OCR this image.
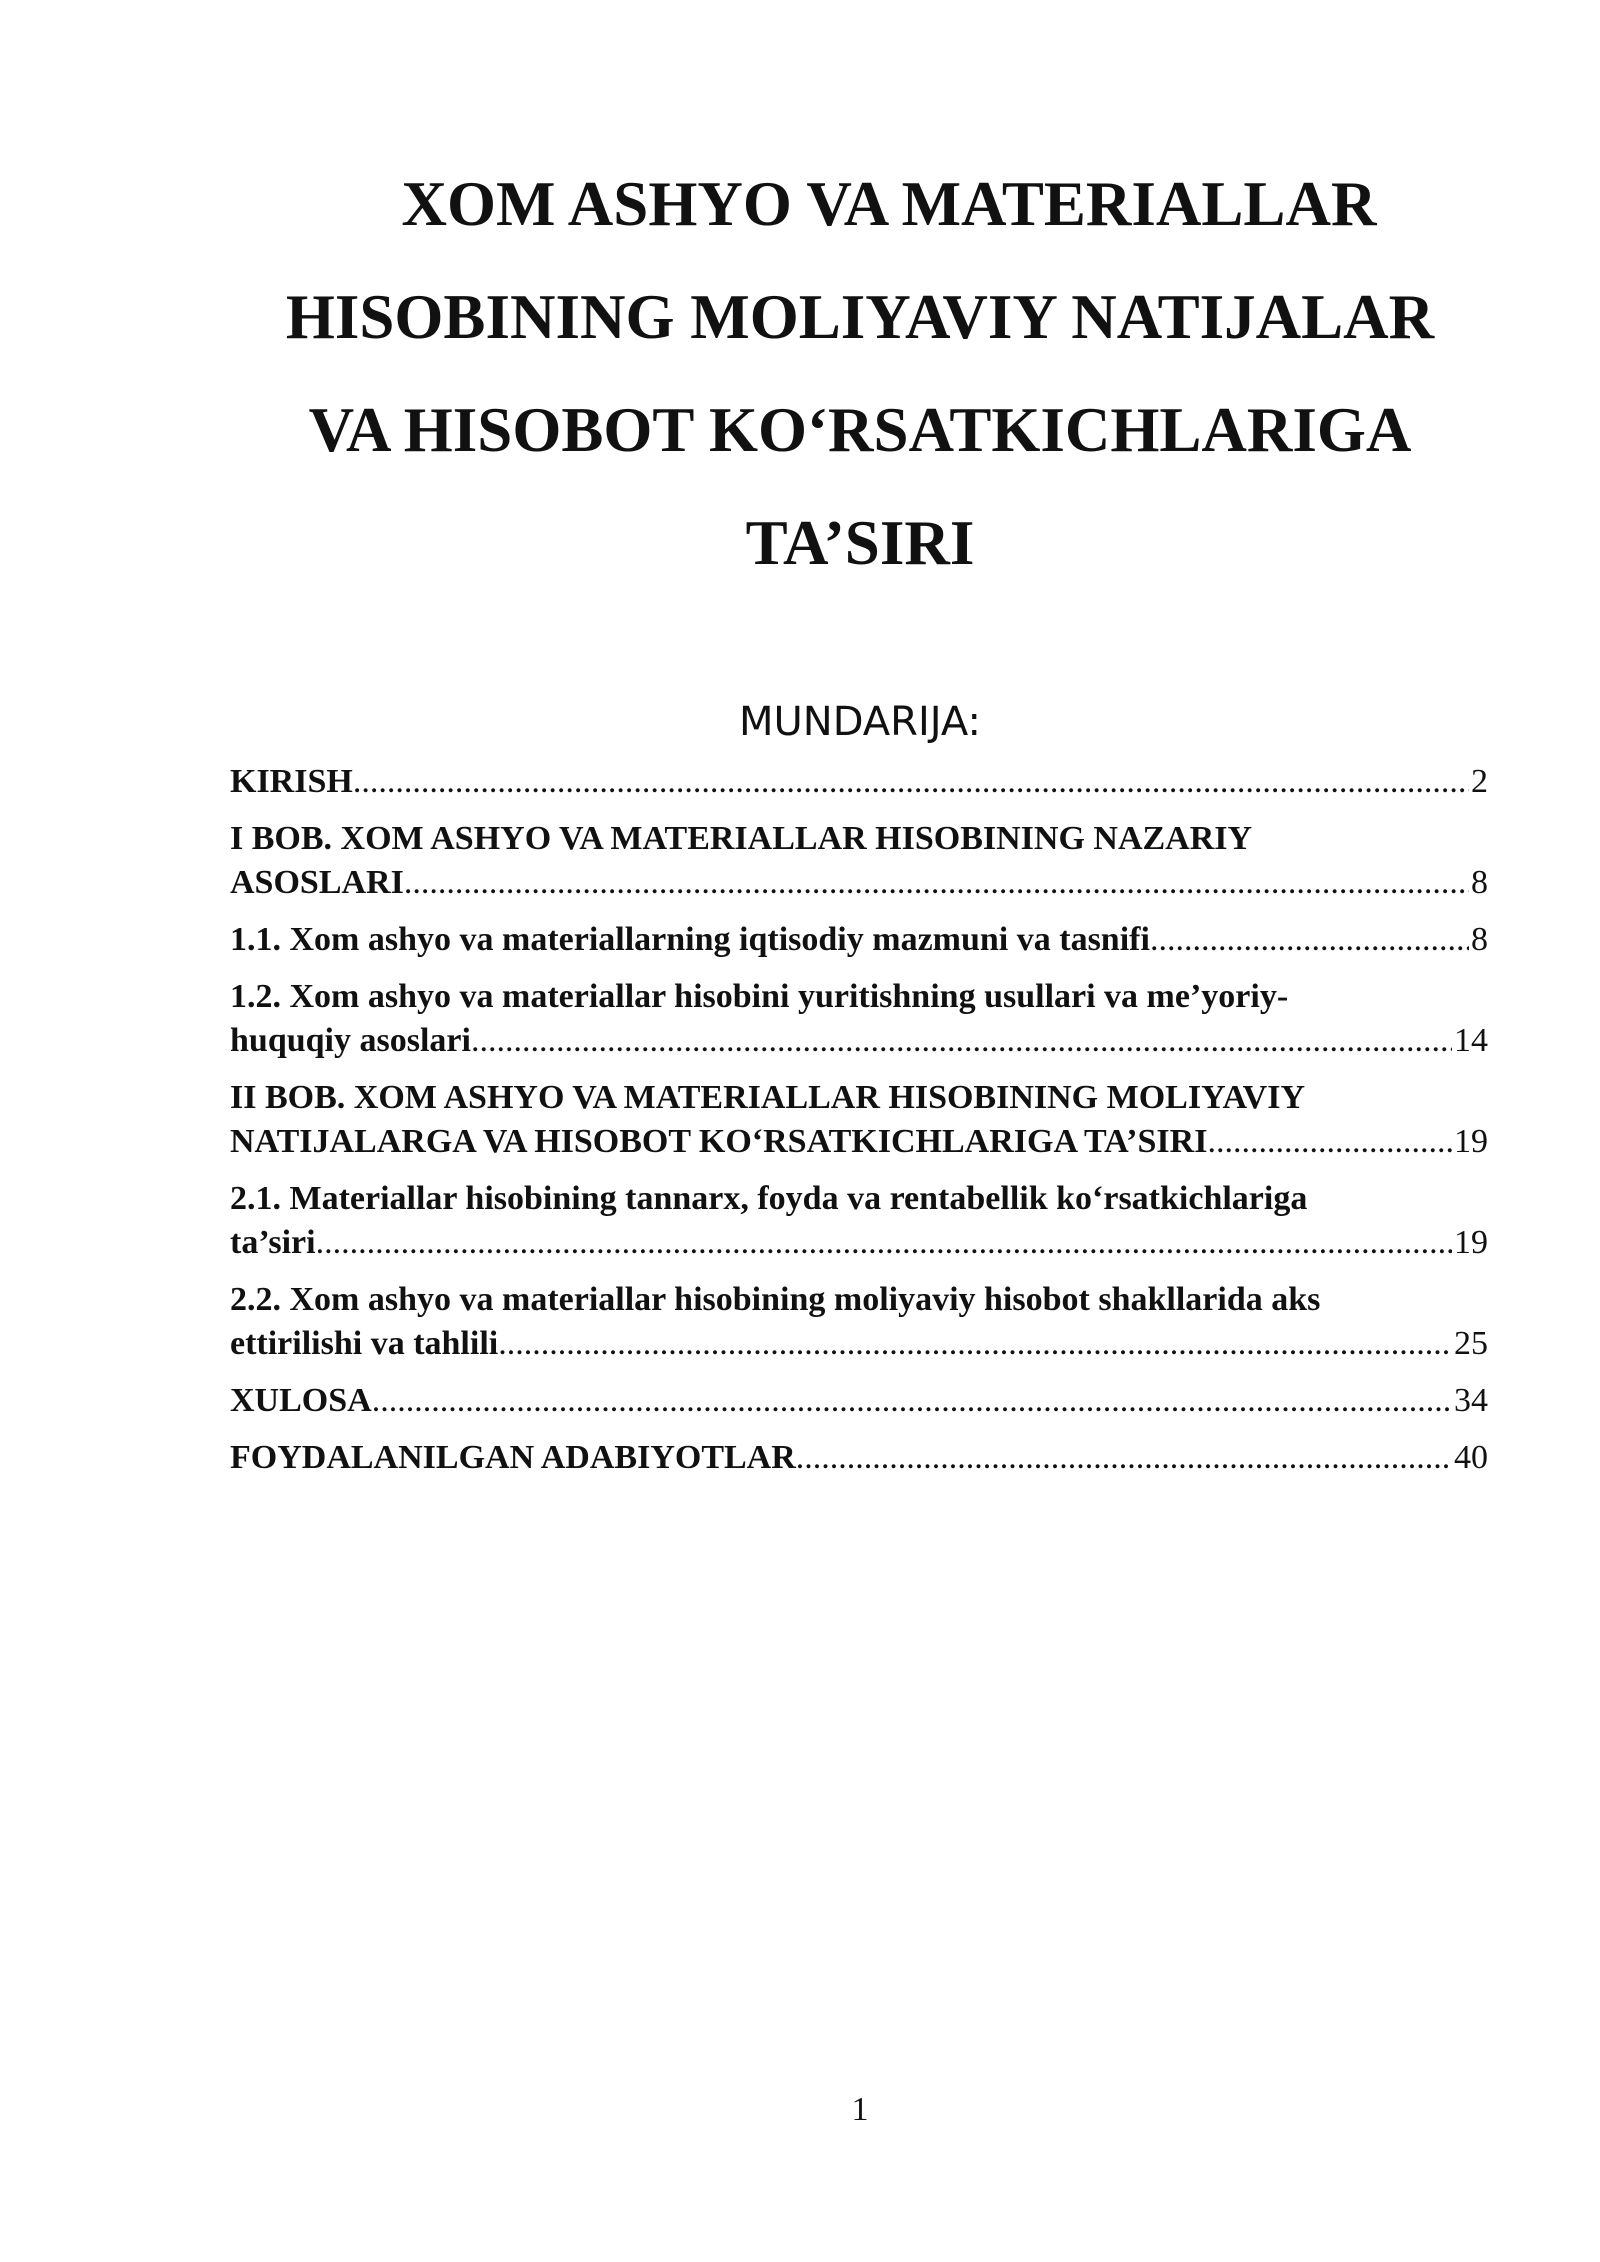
XOM ASHYO VA MATERIALLAR
HISOBINING MOLIYAVIY NATIJALAR
VA HISOBOT KO‘RSATKICHLARIGA
TA’SIRI
MUNDARIJA:
KIRISH .....	2
I BOB. XOM ASHYO VA MATERIALLAR HISOBINING NAZARIY
ASOSLARI .....	8
1.1. Xom ashyo va materiallarning iqtisodiy mazmuni va tasnifi .....	8
1.2. Xom ashyo va materiallar hisobini yuritishning usullari va me’yoriy-
huquqiy asoslari .....	14
II BOB. XOM ASHYO VA MATERIALLAR HISOBINING MOLIYAVIY
NATIJALARGA VA HISOBOT KO‘RSATKICHLARIGA TA’SIRI .....	19
2.1. Materiallar hisobining tannarx, foyda va rentabellik ko‘rsatkichlariga
ta’siri .....	19
2.2. Xom ashyo va materiallar hisobining moliyaviy hisobot shakllarida aks
ettirilishi va tahlili .....	25
XULOSA .....	34
FOYDALANILGAN ADABIYOTLAR .....	40
1
